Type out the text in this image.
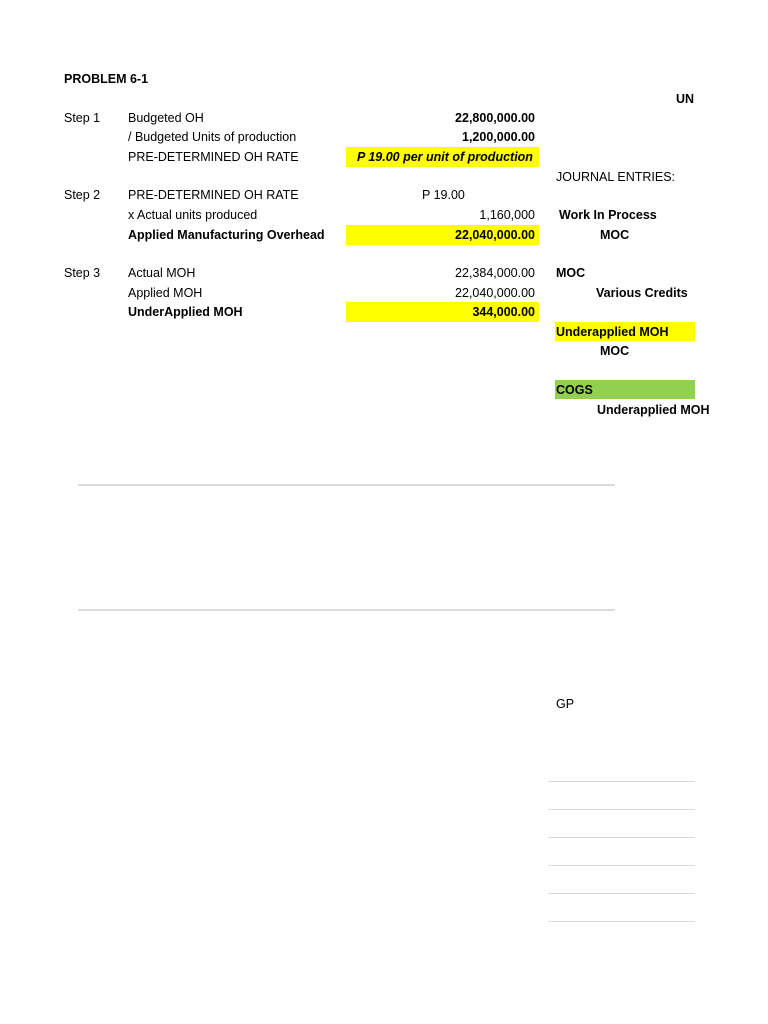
PROBLEM 6-1
UN
Step 1 Budgeted OH	22,800,000.00
/ Budgeted Units of production	1,200,000.00
PRE-DETERMINED OH RATE	P 19.00 per unit of production
Step 2 PRE-DETERMINED OH RATE	P 19.00
x Actual units produced	1,160,000
Applied Manufacturing Overhead	22,040,000.00
Step 3 Actual MOH	22,384,000.00
Applied MOH	22,040,000.00
UnderApplied MOH	344,000.00
JOURNAL ENTRIES:
Work In Process
MOC
MOC
Various Credits
Underapplied MOH
MOC
COGS
Underapplied MOH
GP
